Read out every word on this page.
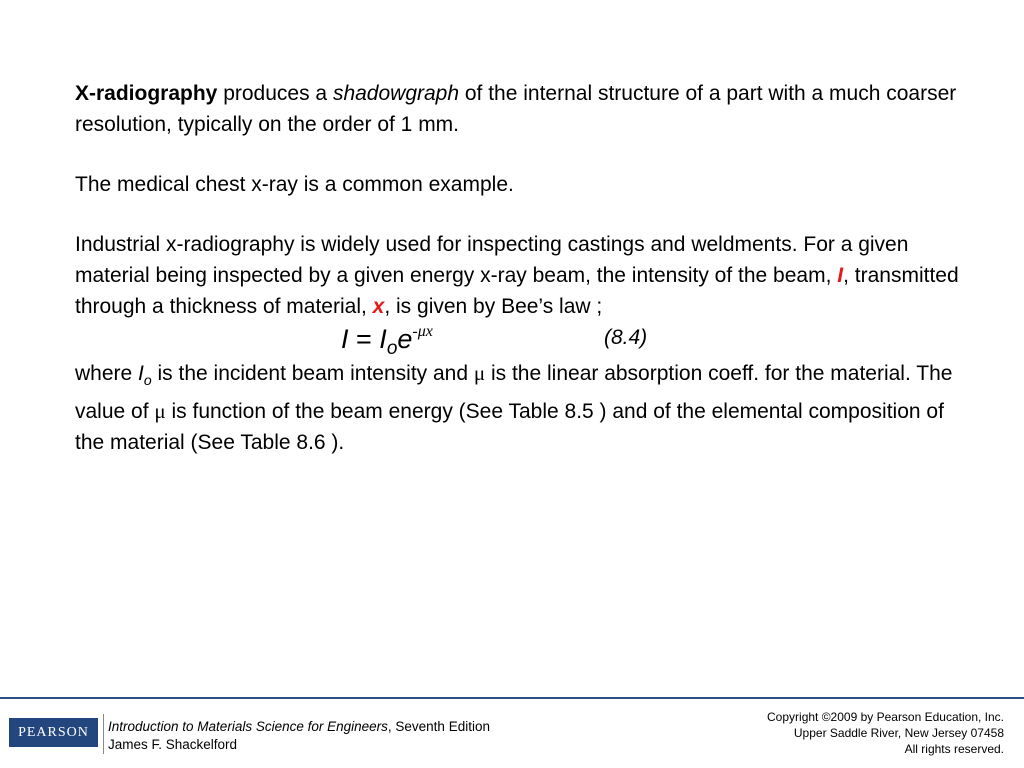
X-radiography produces a shadowgraph of the internal structure of a part with a much coarser resolution, typically on the order of 1 mm.

The medical chest x-ray is a common example.

Industrial x-radiography is widely used for inspecting castings and weldments. For a given material being inspected by a given energy x-ray beam, the intensity of the beam, I, transmitted through a thickness of material, x, is given by Bee’s law ;

$I = I_oe^{-\mu x}$	(8.4)

where $I_o$ is the incident beam intensity and μ is the linear absorption coeff. for the material. The value of μ is function of the beam energy (See Table 8.5 ) and of the elemental composition of the material (See Table 8.6 ).

PEARSON	Introduction to Materials Science for Engineers, Seventh Edition
James F. Shackelford
Copyright ©2009 by Pearson Education, Inc.
Upper Saddle River, New Jersey 07458
All rights reserved.
